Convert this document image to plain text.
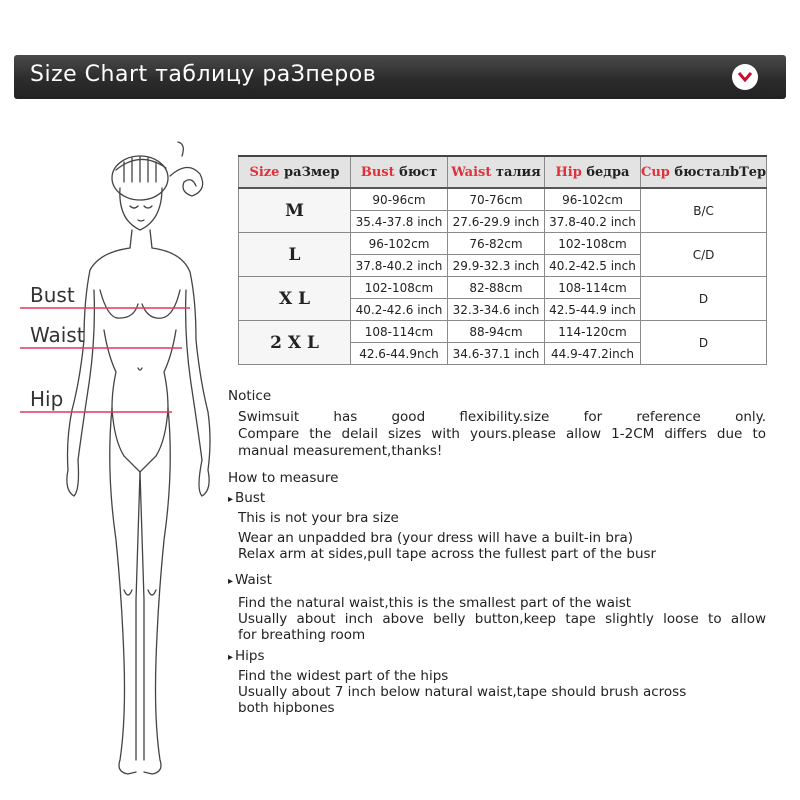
Size Chart таблицу раЗперов
Bust
Waist
Hip
Size раЗмер	Bust бюст	Waist талия	Hip бедра	Cup бюсталbТер
M	90-96cm	70-76cm	96-102cm	B/C
	35.4-37.8 inch	27.6-29.9 inch	37.8-40.2 inch	
L	96-102cm	76-82cm	102-108cm	C/D
	37.8-40.2 inch	29.9-32.3 inch	40.2-42.5 inch	
X L	102-108cm	82-88cm	108-114cm	D
	40.2-42.6 inch	32.3-34.6 inch	42.5-44.9 inch	
2 X L	108-114cm	88-94cm	114-120cm	D
	42.6-44.9nch	34.6-37.1 inch	44.9-47.2inch	
Notice
Swimsuit has good flexibility.size for reference only.
Compare the delail sizes with yours.please allow 1-2CM differs due to
manual measurement,thanks!
How to measure
▸ Bust
This is not your bra size
Wear an unpadded bra (your dress will have a built-in bra)
Relax arm at sides,pull tape across the fullest part of the busr
▸ Waist
Find the natural waist,this is the smallest part of the waist
Usually about inch above belly button,keep tape slightly loose to allow
for breathing room
▸ Hips
Find the widest part of the hips
Usually about 7 inch below natural waist,tape should brush across
both hipbones
